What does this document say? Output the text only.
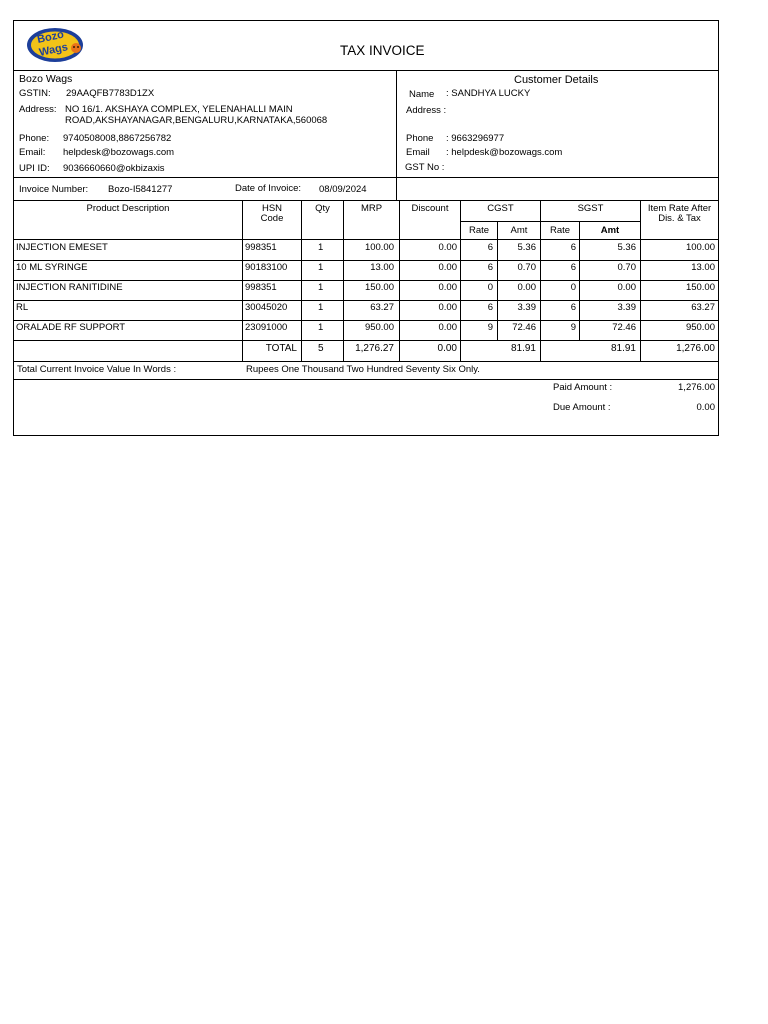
Bozo
Wags	TAX INVOICE
Bozo Wags
GSTIN: 29AAQFB7783D1ZX
Address: NO 16/1. AKSHAYA COMPLEX, YELENAHALLI MAIN
ROAD,AKSHAYANAGAR,BENGALURU,KARNATAKA,560068
Phone: 9740508008,8867256782
Email: helpdesk@bozowags.com
UPI ID: 9036660660@okbizaxis
Customer Details
Name : SANDHYA LUCKY
Address :
Phone : 9663296977
Email : helpdesk@bozowags.com
GST No :
Invoice Number: Bozo-I5841277	Date of Invoice: 08/09/2024
Product Description	HSN
Code
Qty	MRP	Discount	CGST	SGST
Rate	Amt	Rate	Amt
Item Rate After
Dis. & Tax
INJECTION EMESET	998351	1	100.00	0.00	6	5.36	6	5.36	100.00
10 ML SYRINGE	90183100	1	13.00	0.00	6	0.70	6	0.70	13.00
INJECTION RANITIDINE	998351	1	150.00	0.00	0	0.00	0	0.00	150.00
RL	30045020	1	63.27	0.00	6	3.39	6	3.39	63.27
ORALADE RF SUPPORT	23091000	1	950.00	0.00	9	72.46	9	72.46	950.00
TOTAL 5	1,276.27	0.00	81.91	81.91	1,276.00
Total Current Invoice Value In Words :	Rupees One Thousand Two Hundred Seventy Six Only.
Paid Amount :	1,276.00
Due Amount :	0.00
